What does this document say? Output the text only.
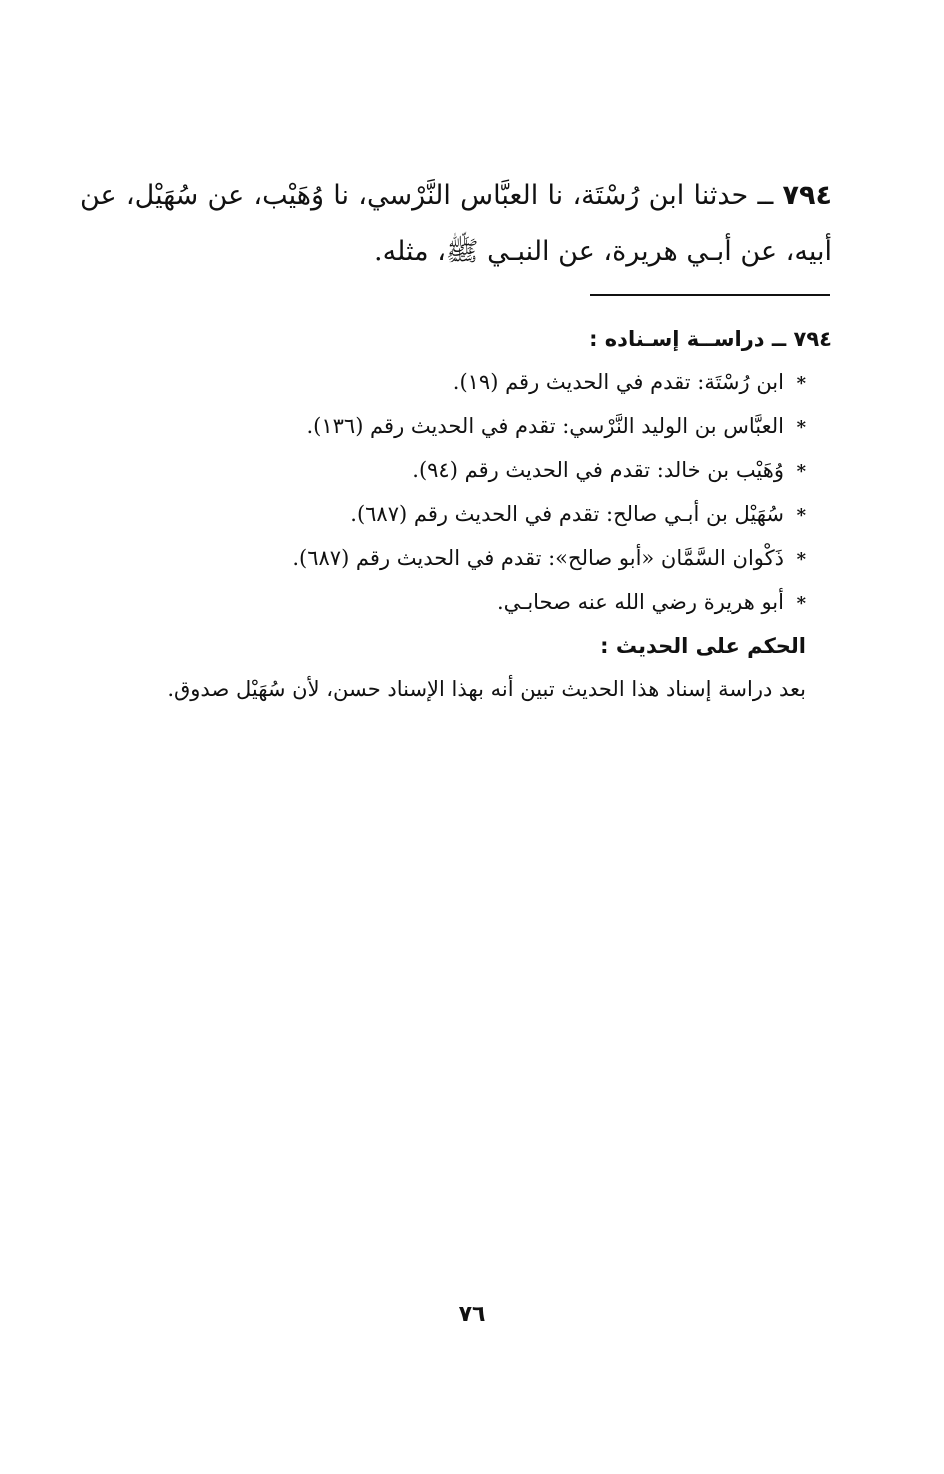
٧٩٤ ــ حدثنا ابن رُسْتَة، نا العبَّاس النَّرْسي، نا وُهَيْب، عن سُهَيْل، عن أبيه، عن أبـي هريرة، عن النبـي ﷺ، مثله.

٧٩٤ ــ دراســة إسـناده :
*ابن رُسْتَة: تقدم في الحديث رقم (١٩).
*العبَّاس بن الوليد النَّرْسي: تقدم في الحديث رقم (١٣٦).
*وُهَيْب بن خالد: تقدم في الحديث رقم (٩٤).
*سُهَيْل بن أبـي صالح: تقدم في الحديث رقم (٦٨٧).
*ذَكْوان السَّمَّان «أبو صالح»: تقدم في الحديث رقم (٦٨٧).
*أبو هريرة رضي الله عنه صحابـي.
الحكم على الحديث :
بعد دراسة إسناد هذا الحديث تبين أنه بهذا الإسناد حسن، لأن سُهَيْل صدوق.
٧٦
